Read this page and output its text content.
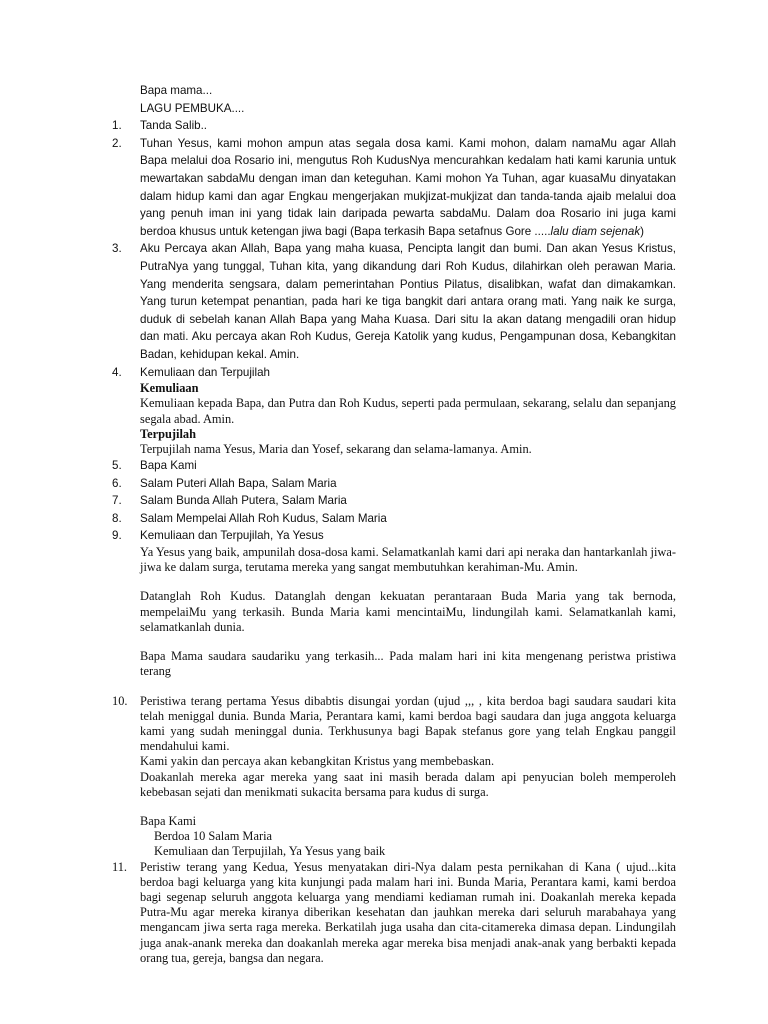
Bapa mama...
LAGU PEMBUKA....
1.	Tanda Salib..
2.	Tuhan Yesus, kami mohon ampun atas segala dosa kami. Kami mohon, dalam namaMu agar Allah Bapa melalui doa Rosario ini, mengutus Roh KudusNya mencurahkan kedalam hati kami karunia untuk mewartakan sabdaMu dengan iman dan keteguhan. Kami mohon Ya Tuhan, agar kuasaMu dinyatakan dalam hidup kami dan agar Engkau mengerjakan mukjizat-mukjizat dan tanda-tanda ajaib melalui doa yang penuh iman ini yang tidak lain daripada pewarta sabdaMu. Dalam doa Rosario ini juga kami berdoa khusus untuk ketengan jiwa bagi (Bapa terkasih Bapa setafnus Gore .....lalu diam sejenak)
3.	Aku Percaya akan Allah, Bapa yang maha kuasa, Pencipta langit dan bumi. Dan akan Yesus Kristus, PutraNya yang tunggal, Tuhan kita, yang dikandung dari Roh Kudus, dilahirkan oleh perawan Maria. Yang menderita sengsara, dalam pemerintahan Pontius Pilatus, disalibkan, wafat dan dimakamkan. Yang turun ketempat penantian, pada hari ke tiga bangkit dari antara orang mati. Yang naik ke surga, duduk di sebelah kanan Allah Bapa yang Maha Kuasa. Dari situ Ia akan datang mengadili oran hidup dan mati. Aku percaya akan Roh Kudus, Gereja Katolik yang kudus, Pengampunan dosa, Kebangkitan Badan, kehidupan kekal. Amin.
4.	Kemuliaan dan Terpujilah
Kemuliaan
Kemuliaan kepada Bapa, dan Putra dan Roh Kudus, seperti pada permulaan, sekarang, selalu dan sepanjang segala abad. Amin.
Terpujilah
Terpujilah nama Yesus, Maria dan Yosef, sekarang dan selama-lamanya. Amin.
5.	Bapa Kami
6.	Salam Puteri Allah Bapa, Salam Maria
7.	Salam Bunda Allah Putera, Salam Maria
8.	Salam Mempelai Allah Roh Kudus, Salam Maria
9.	Kemuliaan dan Terpujilah, Ya Yesus
Ya Yesus yang baik, ampunilah dosa-dosa kami. Selamatkanlah kami dari api neraka dan hantarkanlah jiwa-jiwa ke dalam surga, terutama mereka yang sangat membutuhkan kerahiman-Mu. Amin.
Datanglah Roh Kudus. Datanglah dengan kekuatan perantaraan Buda Maria yang tak bernoda, mempelaiMu yang terkasih. Bunda Maria kami mencintaiMu, lindungilah kami. Selamatkanlah kami, selamatkanlah dunia.
Bapa Mama saudara saudariku yang terkasih... Pada malam hari ini kita mengenang peristwa pristiwa terang
10.	Peristiwa terang pertama Yesus dibabtis disungai yordan (ujud ,,, , kita berdoa bagi saudara saudari kita telah meniggal dunia. Bunda Maria, Perantara kami, kami berdoa bagi saudara dan juga anggota keluarga kami yang sudah meninggal dunia. Terkhusunya bagi Bapak stefanus gore yang telah Engkau panggil mendahului kami.
Kami yakin dan percaya akan kebangkitan Kristus yang membebaskan.
Doakanlah mereka agar mereka yang saat ini masih berada dalam api penyucian boleh memperoleh kebebasan sejati dan menikmati sukacita bersama para kudus di surga.
Bapa Kami
Berdoa 10 Salam Maria
Kemuliaan dan Terpujilah, Ya Yesus yang baik
11.	Peristiw terang yang Kedua, Yesus menyatakan diri-Nya dalam pesta pernikahan di Kana ( ujud...kita berdoa bagi keluarga yang kita kunjungi pada malam hari ini. Bunda Maria, Perantara kami, kami berdoa bagi segenap seluruh anggota keluarga yang mendiami kediaman rumah ini. Doakanlah mereka kepada Putra-Mu agar mereka kiranya diberikan kesehatan dan jauhkan mereka dari seluruh marabahaya yang mengancam jiwa serta raga mereka. Berkatilah juga usaha dan cita-citamereka dimasa depan. Lindungilah juga anak-anank mereka dan doakanlah mereka agar mereka bisa menjadi anak-anak yang berbakti kepada orang tua, gereja, bangsa dan negara.
